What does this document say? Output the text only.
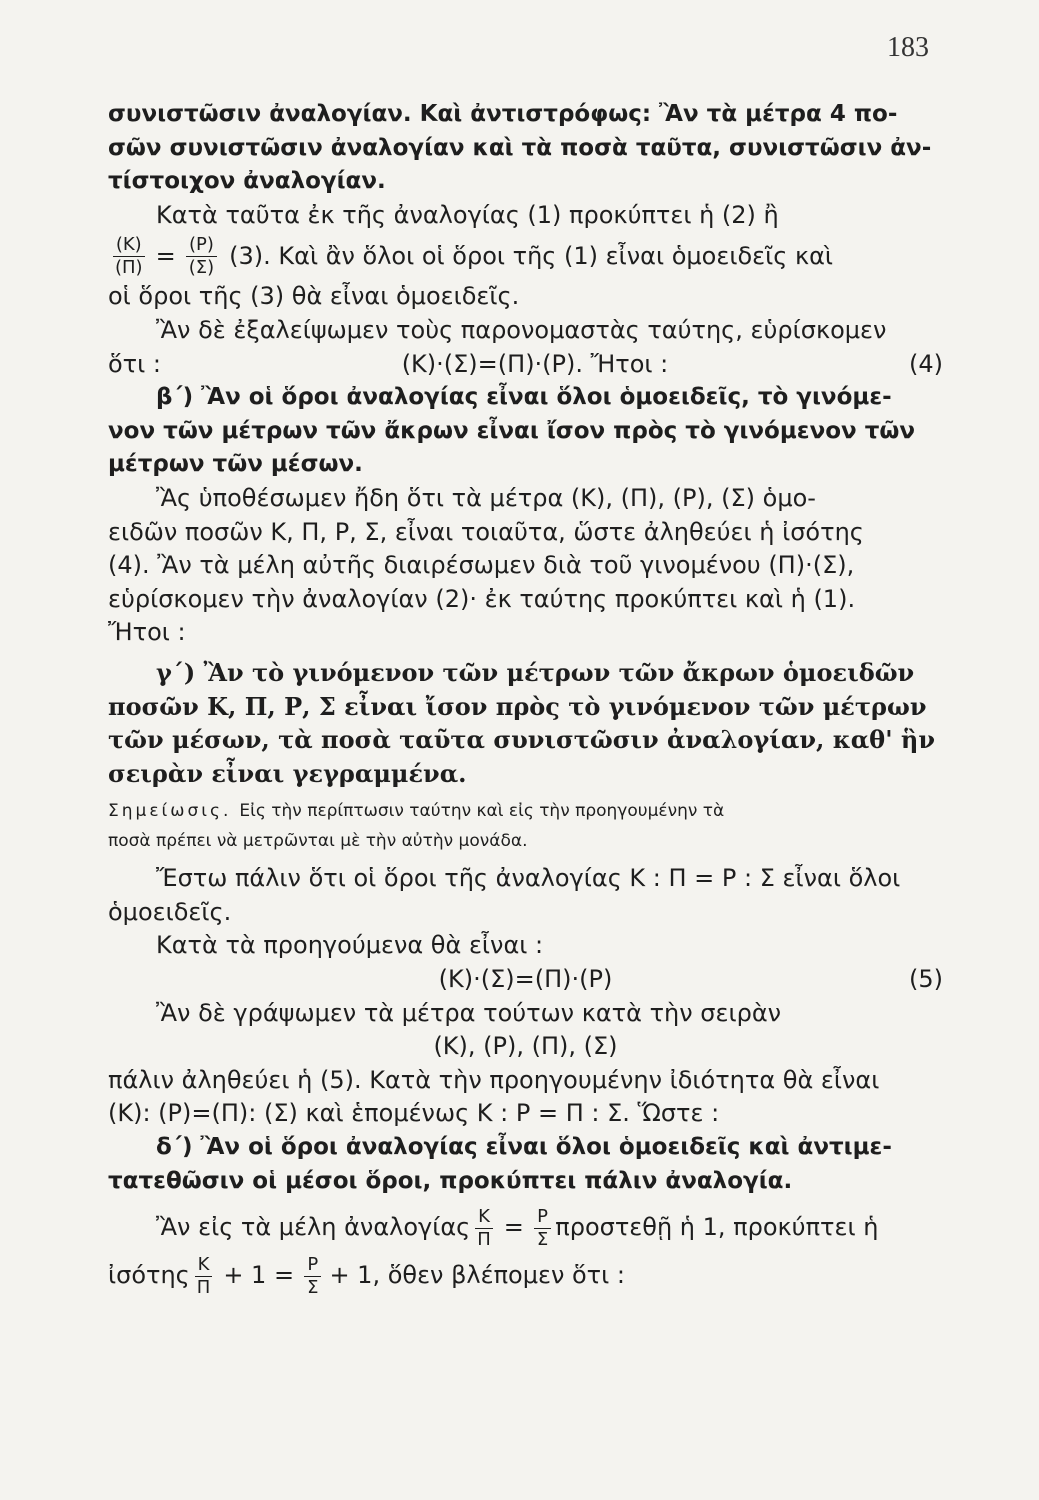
183
συνιστῶσιν ἀναλογίαν. Καὶ ἀντιστρόφως: Ἂν τὰ μέτρα 4 πο-
σῶν συνιστῶσιν ἀναλογίαν καὶ τὰ ποσὰ ταῦτα, συνιστῶσιν ἀν-
τίστοιχον ἀναλογίαν.
Κατὰ ταῦτα ἐκ τῆς ἀναλογίας (1) προκύπτει ἡ (2) ἢ
$\frac{(K)}{(\Pi)} = \frac{(P)}{(\Sigma)} (3)$. Καὶ ἂν ὅλοι οἱ ὅροι τῆς (1) εἶναι ὁμοειδεῖς καὶ
οἱ ὅροι τῆς (3) θὰ εἶναι ὁμοειδεῖς.
Ἂν δὲ ἐξαλείψωμεν τοὺς παρονομαστὰς ταύτης, εὑρίσκομεν
ὅτι :	(Κ)·(Σ)=(Π)·(Ρ). Ἤτοι :	(4)
β΄) Ἂν οἱ ὅροι ἀναλογίας εἶναι ὅλοι ὁμοειδεῖς, τὸ γινόμε-
νον τῶν μέτρων τῶν ἄκρων εἶναι ἴσον πρὸς τὸ γινόμενον τῶν
μέτρων τῶν μέσων.
Ἂς ὑποθέσωμεν ἤδη ὅτι τὰ μέτρα (Κ), (Π), (Ρ), (Σ) ὁμο-
ειδῶν ποσῶν Κ, Π, Ρ, Σ, εἶναι τοιαῦτα, ὥστε ἀληθεύει ἡ ἰσότης
(4). Ἂν τὰ μέλη αὐτῆς διαιρέσωμεν διὰ τοῦ γινομένου (Π)·(Σ),
εὑρίσκομεν τὴν ἀναλογίαν (2)· ἐκ ταύτης προκύπτει καὶ ἡ (1).
Ἤτοι :
γ΄) Ἂν τὸ γινόμενον τῶν μέτρων τῶν ἄκρων ὁμοειδῶν
ποσῶν Κ, Π, Ρ, Σ εἶναι ἴσον πρὸς τὸ γινόμενον τῶν μέτρων
τῶν μέσων, τὰ ποσὰ ταῦτα συνιστῶσιν ἀναλογίαν, καθ' ἣν
σειρὰν εἶναι γεγραμμένα.
Σημείωσις. Εἰς τὴν περίπτωσιν ταύτην καὶ εἰς τὴν προηγουμένην τὰ
ποσὰ πρέπει νὰ μετρῶνται μὲ τὴν αὐτὴν μονάδα.
Ἔστω πάλιν ὅτι οἱ ὅροι τῆς ἀναλογίας Κ : Π = Ρ : Σ εἶναι ὅλοι
ὁμοειδεῖς.
Κατὰ τὰ προηγούμενα θὰ εἶναι :
(Κ)·(Σ)=(Π)·(Ρ)	(5)
Ἂν δὲ γράψωμεν τὰ μέτρα τούτων κατὰ τὴν σειρὰν
(Κ), (Ρ), (Π), (Σ)
πάλιν ἀληθεύει ἡ (5). Κατὰ τὴν προηγουμένην ἰδιότητα θὰ εἶναι
(Κ): (Ρ)=(Π): (Σ) καὶ ἑπομένως Κ : Ρ = Π : Σ. Ὥστε :
δ΄) Ἂν οἱ ὅροι ἀναλογίας εἶναι ὅλοι ὁμοειδεῖς καὶ ἀντιμε-
τατεθῶσιν οἱ μέσοι ὅροι, προκύπτει πάλιν ἀναλογία.
Ἂν εἰς τὰ μέλη ἀναλογίας $\frac{K}{\Pi} = \frac{P}{\Sigma}$ προστεθῇ ἡ 1, προκύπτει ἡ
ἰσότης $\frac{K}{\Pi} + 1 = \frac{P}{\Sigma} + 1$, ὅθεν βλέπομεν ὅτι :
